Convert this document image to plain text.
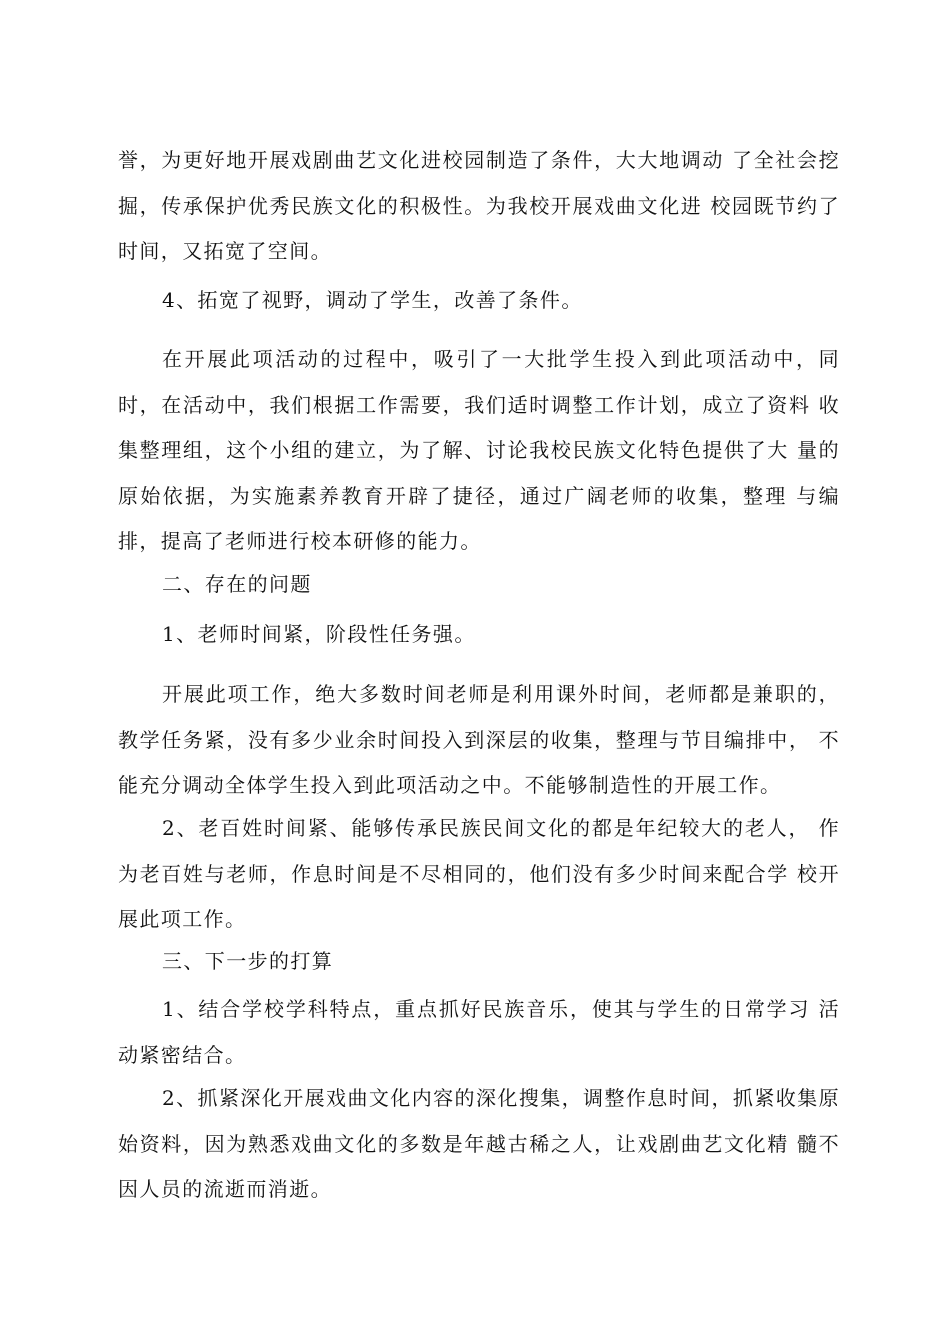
誉，为更好地开展戏剧曲艺文化进校园制造了条件，大大地调动 了全社会挖掘，传承保护优秀民族文化的积极性。为我校开展戏曲文化进 校园既节约了时间，又拓宽了空间。

4、拓宽了视野，调动了学生，改善了条件。

在开展此项活动的过程中，吸引了一大批学生投入到此项活动中，同时，在活动中，我们根据工作需要，我们适时调整工作计划，成立了资料 收集整理组，这个小组的建立，为了解、讨论我校民族文化特色提供了大 量的原始依据，为实施素养教育开辟了捷径，通过广阔老师的收集，整理 与编排，提高了老师进行校本研修的能力。

二、存在的问题

1、老师时间紧，阶段性任务强。

开展此项工作，绝大多数时间老师是利用课外时间，老师都是兼职的，教学任务紧，没有多少业余时间投入到深层的收集，整理与节目编排中， 不能充分调动全体学生投入到此项活动之中。不能够制造性的开展工作。

2、老百姓时间紧、能够传承民族民间文化的都是年纪较大的老人， 作为老百姓与老师，作息时间是不尽相同的，他们没有多少时间来配合学 校开展此项工作。

三、下一步的打算

1、结合学校学科特点，重点抓好民族音乐，使其与学生的日常学习 活动紧密结合。

2、抓紧深化开展戏曲文化内容的深化搜集，调整作息时间，抓紧收集原始资料，因为熟悉戏曲文化的多数是年越古稀之人，让戏剧曲艺文化精 髓不因人员的流逝而消逝。
